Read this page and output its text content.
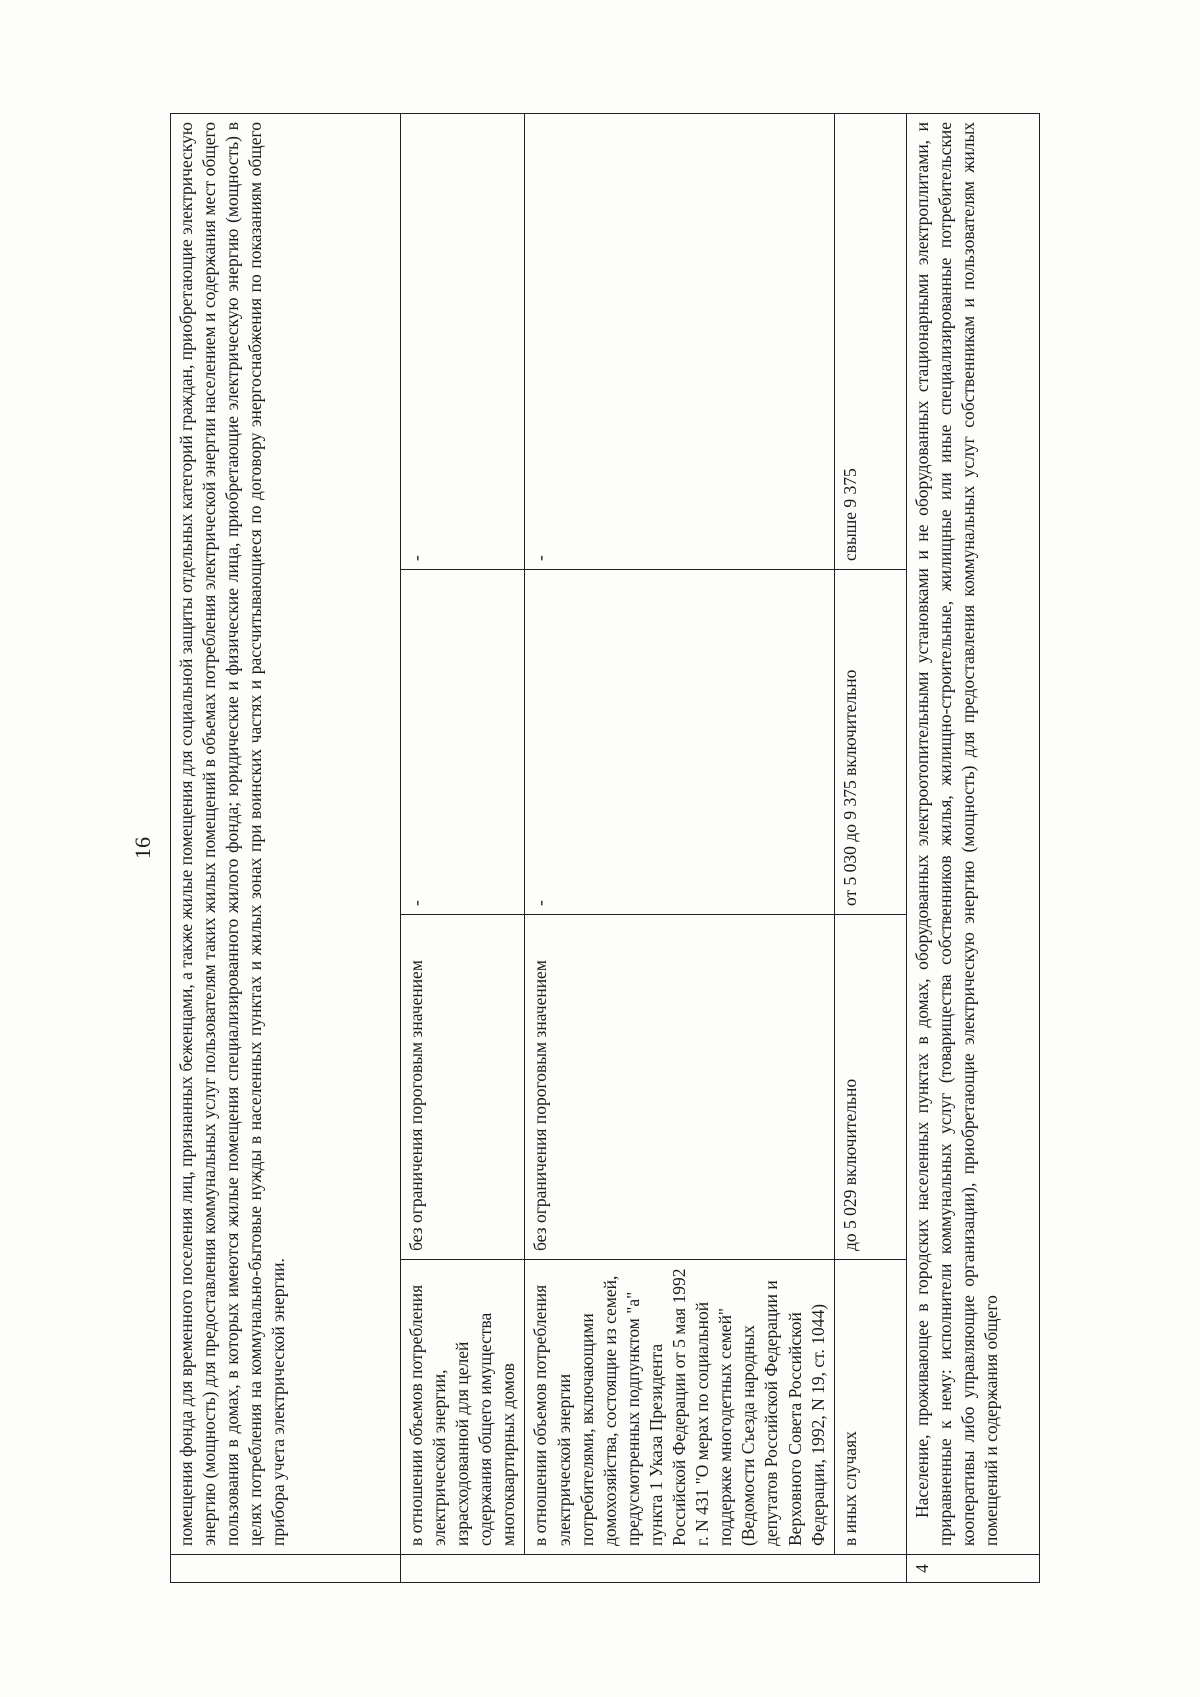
16
	помещения фонда для временного поселения лиц, признанных беженцами, а также жилые помещения для социальной защиты отдельных категорий граждан, приобретающие электрическую энергию (мощность) для предоставления коммунальных услуг пользователям таких жилых помещений в объемах потребления электрической энергии населением и содержания мест общего пользования в домах, в которых имеются жилые помещения специализированного жилого фонда; юридические и физические лица, приобретающие электрическую энергию (мощность) в целях потребления на коммунально-бытовые нужды в населенных пунктах и жилых зонах при воинских частях и рассчитывающиеся по договору энергоснабжения по показаниям общего прибора учета электрической энергии.			
	в отношении объемов потребления электрической энергии, израсходованной для целей содержания общего имущества многоквартирных домов	без ограничения пороговым значением	-	-
	в отношении объемов потребления электрической энергии потребителями, включающими домохозяйства, состоящие из семей, предусмотренных подпунктом "а" пункта 1 Указа Президента Российской Федерации от 5 мая 1992 г. N 431 "О мерах по социальной поддержке многодетных семей" (Ведомости Съезда народных депутатов Российской Федерации и Верховного Совета Российской Федерации, 1992, N 19, ст. 1044)	без ограничения пороговым значением	-	-
	в иных случаях	до 5 029 включительно	от 5 030 до 9 375 включительно	свыше 9 375
4	Население, проживающее в городских населенных пунктах в домах, оборудованных электроотопительными установками и не оборудованных стационарными электроплитами, и приравненные к нему: исполнители коммунальных услуг (товарищества собственников жилья, жилищно-строительные, жилищные или иные специализированные потребительские кооперативы либо управляющие организации), приобретающие электрическую энергию (мощность) для предоставления коммунальных услуг собственникам и пользователям жилых помещений и содержания общего			
